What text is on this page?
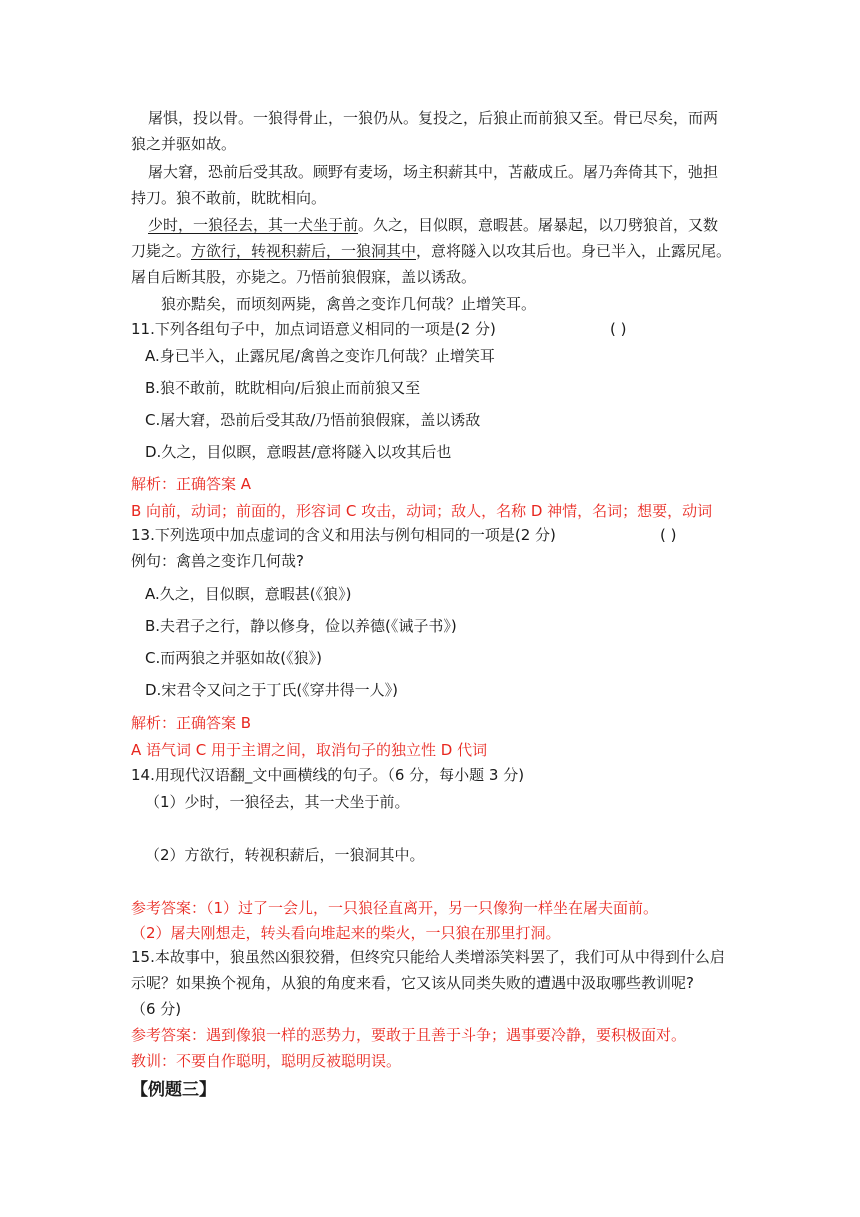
屠惧，投以骨。一狼得骨止，一狼仍从。复投之，后狼止而前狼又至。骨已尽矣，而两
狼之并驱如故。
屠大窘，恐前后受其敌。顾野有麦场，场主积薪其中，苫蔽成丘。屠乃奔倚其下，弛担
持刀。狼不敢前，眈眈相向。
少时，一狼径去，其一犬坐于前。久之，目似瞑，意暇甚。屠暴起，以刀劈狼首，又数
刀毙之。方欲行，转视积薪后，一狼洞其中，意将隧入以攻其后也。身已半入，止露尻尾。
屠自后断其股，亦毙之。乃悟前狼假寐，盖以诱敌。
狼亦黠矣，而顷刻两毙，禽兽之变诈几何哉？止增笑耳。
11.下列各组句子中，加点词语意义相同的一项是(2 分)	( )
A.身已半入，止露尻尾/禽兽之变诈几何哉？止增笑耳
B.狼不敢前，眈眈相向/后狼止而前狼又至
C.屠大窘，恐前后受其敌/乃悟前狼假寐，盖以诱敌
D.久之，目似瞑，意暇甚/意将隧入以攻其后也
解析：正确答案 A
B 向前，动词；前面的，形容词 C 攻击，动词；敌人，名称 D 神情，名词；想要，动词
13.下列选项中加点虚词的含义和用法与例句相同的一项是(2 分)	( )
例句：禽兽之变诈几何哉?
A.久之，目似瞑，意暇甚(《狼》)
B.夫君子之行，静以修身，俭以养德(《诫子书》)
C.而两狼之并驱如故(《狼》)
D.宋君令又问之于丁氏(《穿井得一人》)
解析：正确答案 B
A 语气词 C 用于主谓之间，取消句子的独立性 D 代词
14.用现代汉语翻_文中画横线的句子。（6 分，每小题 3 分)
（1）少时，一狼径去，其一犬坐于前。
（2）方欲行，转视积薪后，一狼洞其中。
参考答案：（1）过了一会儿，一只狼径直离开，另一只像狗一样坐在屠夫面前。
（2）屠夫刚想走，转头看向堆起来的柴火，一只狼在那里打洞。
15.本故事中，狼虽然凶狠狡猾，但终究只能给人类增添笑料罢了，我们可从中得到什么启
示呢？如果换个视角，从狼的角度来看，它又该从同类失败的遭遇中汲取哪些教训呢?
（6 分)
参考答案：遇到像狼一样的恶势力，要敢于且善于斗争；遇事要冷静，要积极面对。
教训：不要自作聪明，聪明反被聪明误。
【例题三】
